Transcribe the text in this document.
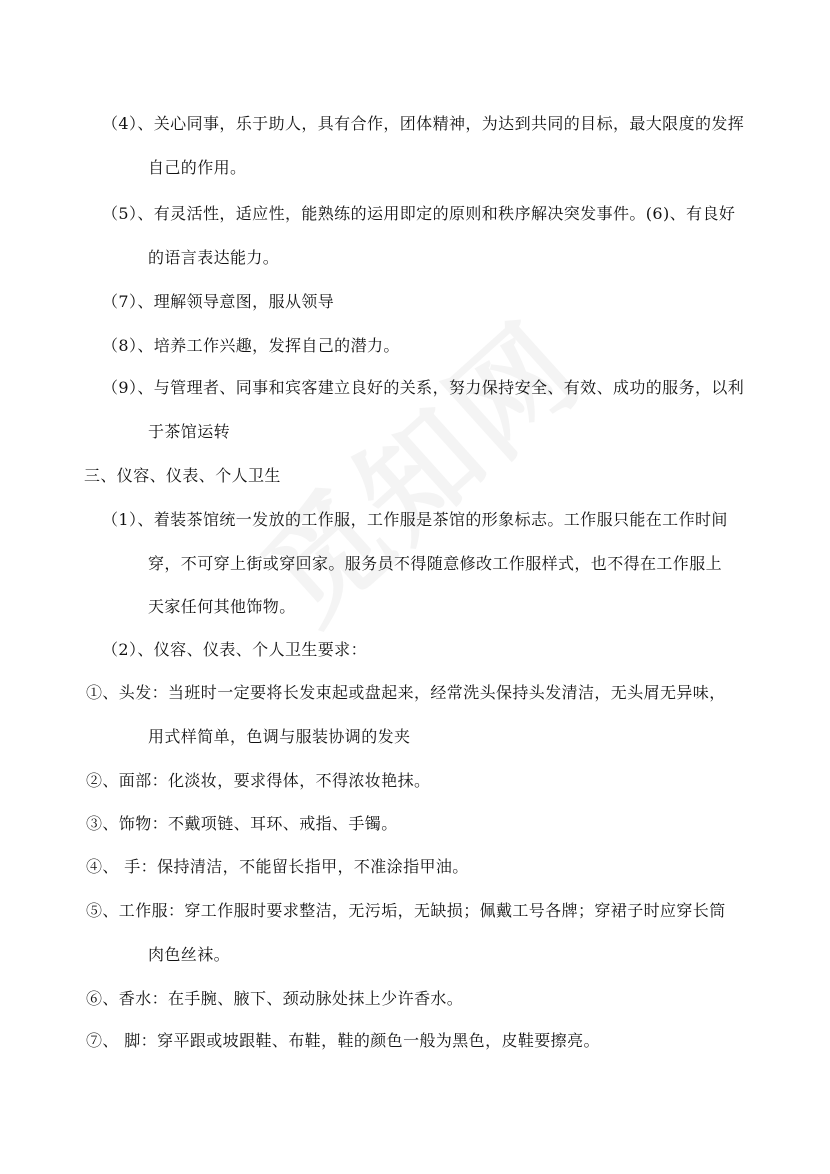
（4）、关心同事，乐于助人，具有合作，团体精神，为达到共同的目标，最大限度的发挥
自己的作用。
（5）、有灵活性，适应性，能熟练的运用即定的原则和秩序解决突发事件。(6)、有良好
的语言表达能力。
（7）、理解领导意图，服从领导
（8）、培养工作兴趣，发挥自己的潜力。
（9）、与管理者、同事和宾客建立良好的关系，努力保持安全、有效、成功的服务，以利
于茶馆运转
三、仪容、仪表、个人卫生
（1）、着装茶馆统一发放的工作服，工作服是茶馆的形象标志。工作服只能在工作时间
穿，不可穿上街或穿回家。服务员不得随意修改工作服样式，也不得在工作服上
天家任何其他饰物。
（2）、仪容、仪表、个人卫生要求：
①、头发：当班时一定要将长发束起或盘起来，经常洗头保持头发清洁，无头屑无异味，
用式样简单，色调与服装协调的发夹
②、面部：化淡妆，要求得体，不得浓妆艳抹。
③、饰物：不戴项链、耳环、戒指、手镯。
④、 手：保持清洁，不能留长指甲，不准涂指甲油。
⑤、工作服：穿工作服时要求整洁，无污垢，无缺损；佩戴工号各牌；穿裙子时应穿长筒
肉色丝袜。
⑥、香水：在手腕、腋下、颈动脉处抹上少许香水。
⑦、 脚：穿平跟或坡跟鞋、布鞋，鞋的颜色一般为黑色，皮鞋要擦亮。
